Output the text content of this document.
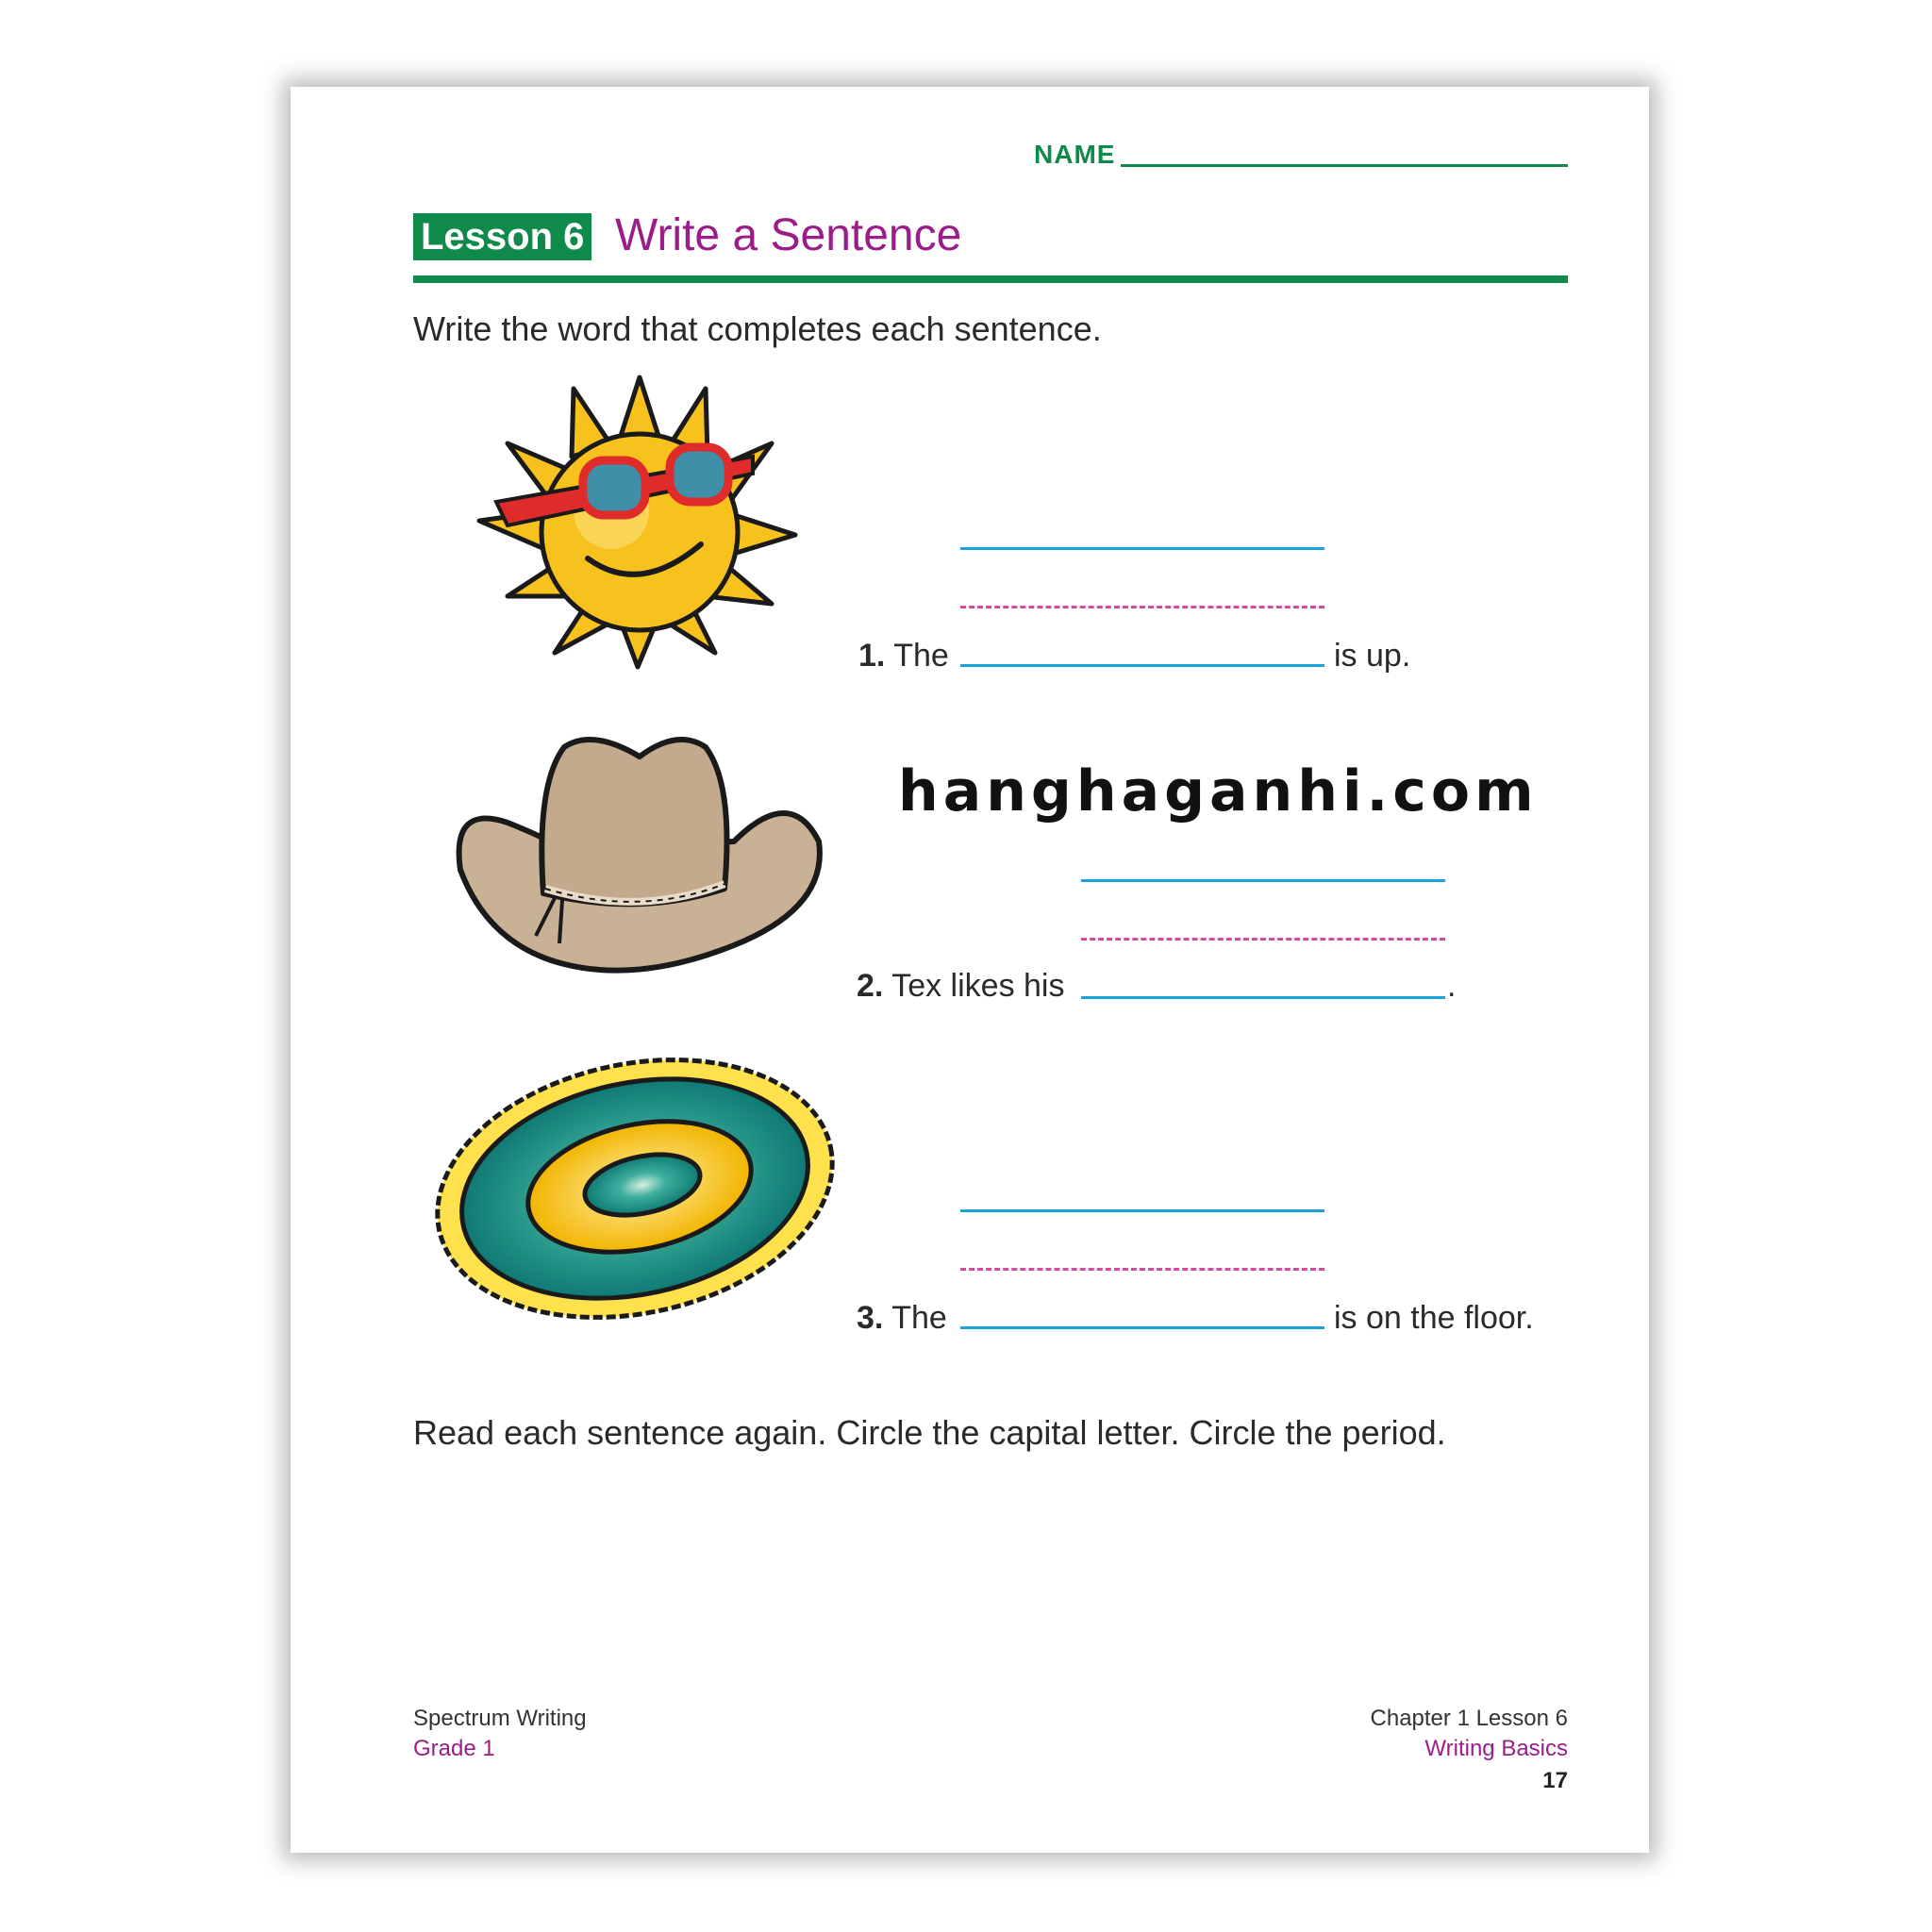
NAME
Lesson 6 Write a Sentence
Write the word that completes each sentence.
1. The	is up.
hanghaganhi.com
2. Tex likes his	.
3. The	is on the floor.
Read each sentence again. Circle the capital letter. Circle the period.
Spectrum Writing
Grade 1
Chapter 1 Lesson 6
Writing Basics
17
